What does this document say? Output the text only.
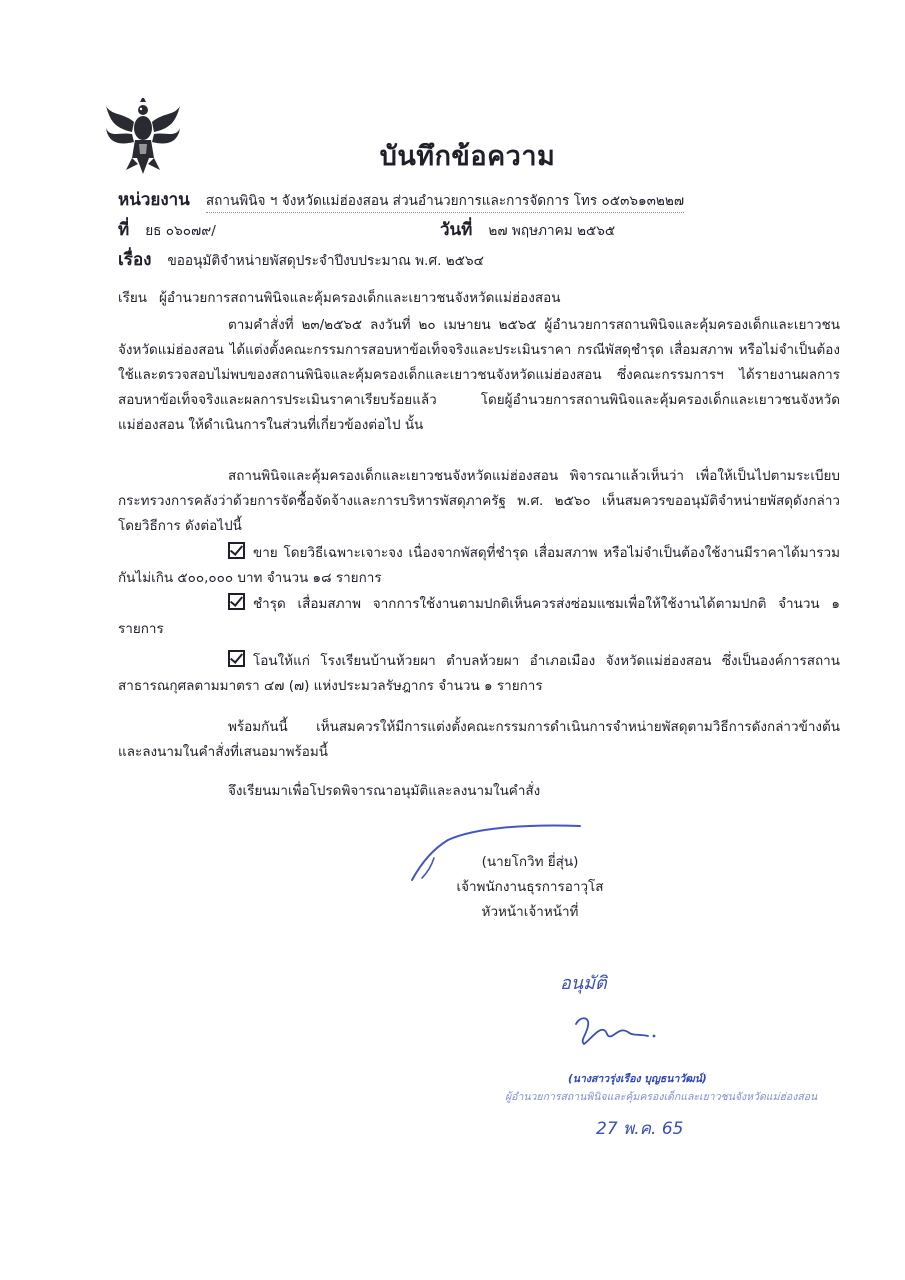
บันทึกข้อความ
หน่วยงาน สถานพินิจ ฯ จังหวัดแม่ฮ่องสอน ส่วนอำนวยการและการจัดการ โทร ๐๕๓๖๑๓๒๒๗
ที่ ยธ ๐๖๐๗๙/	วันที่ ๒๗ พฤษภาคม ๒๕๖๕
เรื่อง ขออนุมัติจำหน่ายพัสดุประจำปีงบประมาณ พ.ศ. ๒๕๖๔
เรียน ผู้อำนวยการสถานพินิจและคุ้มครองเด็กและเยาวชนจังหวัดแม่ฮ่องสอน

ตามคำสั่งที่ ๒๓/๒๕๖๕ ลงวันที่ ๒๐ เมษายน ๒๕๖๕ ผู้อำนวยการสถานพินิจและคุ้มครองเด็กและเยาวชนจังหวัดแม่ฮ่องสอน ได้แต่งตั้งคณะกรรมการสอบหาข้อเท็จจริงและประเมินราคา กรณีพัสดุชำรุด เสื่อมสภาพ หรือไม่จำเป็นต้องใช้และตรวจสอบไม่พบของสถานพินิจและคุ้มครองเด็กและเยาวชนจังหวัดแม่ฮ่องสอน ซึ่งคณะกรรมการฯ ได้รายงานผลการสอบหาข้อเท็จจริงและผลการประเมินราคาเรียบร้อยแล้ว โดยผู้อำนวยการสถานพินิจและคุ้มครองเด็กและเยาวชนจังหวัดแม่ฮ่องสอน ให้ดำเนินการในส่วนที่เกี่ยวข้องต่อไป นั้น

สถานพินิจและคุ้มครองเด็กและเยาวชนจังหวัดแม่ฮ่องสอน พิจารณาแล้วเห็นว่า เพื่อให้เป็นไปตามระเบียบกระทรวงการคลังว่าด้วยการจัดซื้อจัดจ้างและการบริหารพัสดุภาครัฐ พ.ศ. ๒๕๖๐ เห็นสมควรขออนุมัติจำหน่ายพัสดุดังกล่าวโดยวิธีการ ดังต่อไปนี้

ขาย โดยวิธีเฉพาะเจาะจง เนื่องจากพัสดุที่ชำรุด เสื่อมสภาพ หรือไม่จำเป็นต้องใช้งานมีราคาได้มารวมกันไม่เกิน ๕๐๐,๐๐๐ บาท จำนวน ๑๘ รายการ

ชำรุด เสื่อมสภาพ จากการใช้งานตามปกติเห็นควรส่งซ่อมแซมเพื่อให้ใช้งานได้ตามปกติ จำนวน ๑ รายการ

โอนให้แก่ โรงเรียนบ้านห้วยผา ตำบลห้วยผา อำเภอเมือง จังหวัดแม่ฮ่องสอน ซึ่งเป็นองค์การสถานสาธารณกุศลตามมาตรา ๔๗ (๗) แห่งประมวลรัษฎากร จำนวน ๑ รายการ

พร้อมกันนี้ เห็นสมควรให้มีการแต่งตั้งคณะกรรมการดำเนินการจำหน่ายพัสดุตามวิธีการดังกล่าวข้างต้น และลงนามในคำสั่งที่เสนอมาพร้อมนี้

จึงเรียนมาเพื่อโปรดพิจารณาอนุมัติและลงนามในคำสั่ง

(นายโกวิท ยี่สุ่น)
เจ้าพนักงานธุรการอาวุโส
หัวหน้าเจ้าหน้าที่
อนุมัติ
(นางสาวรุ่งเรือง บุญธนาวัฒน์)
ผู้อำนวยการสถานพินิจและคุ้มครองเด็กและเยาวชนจังหวัดแม่ฮ่องสอน
27 พ.ค. 65
